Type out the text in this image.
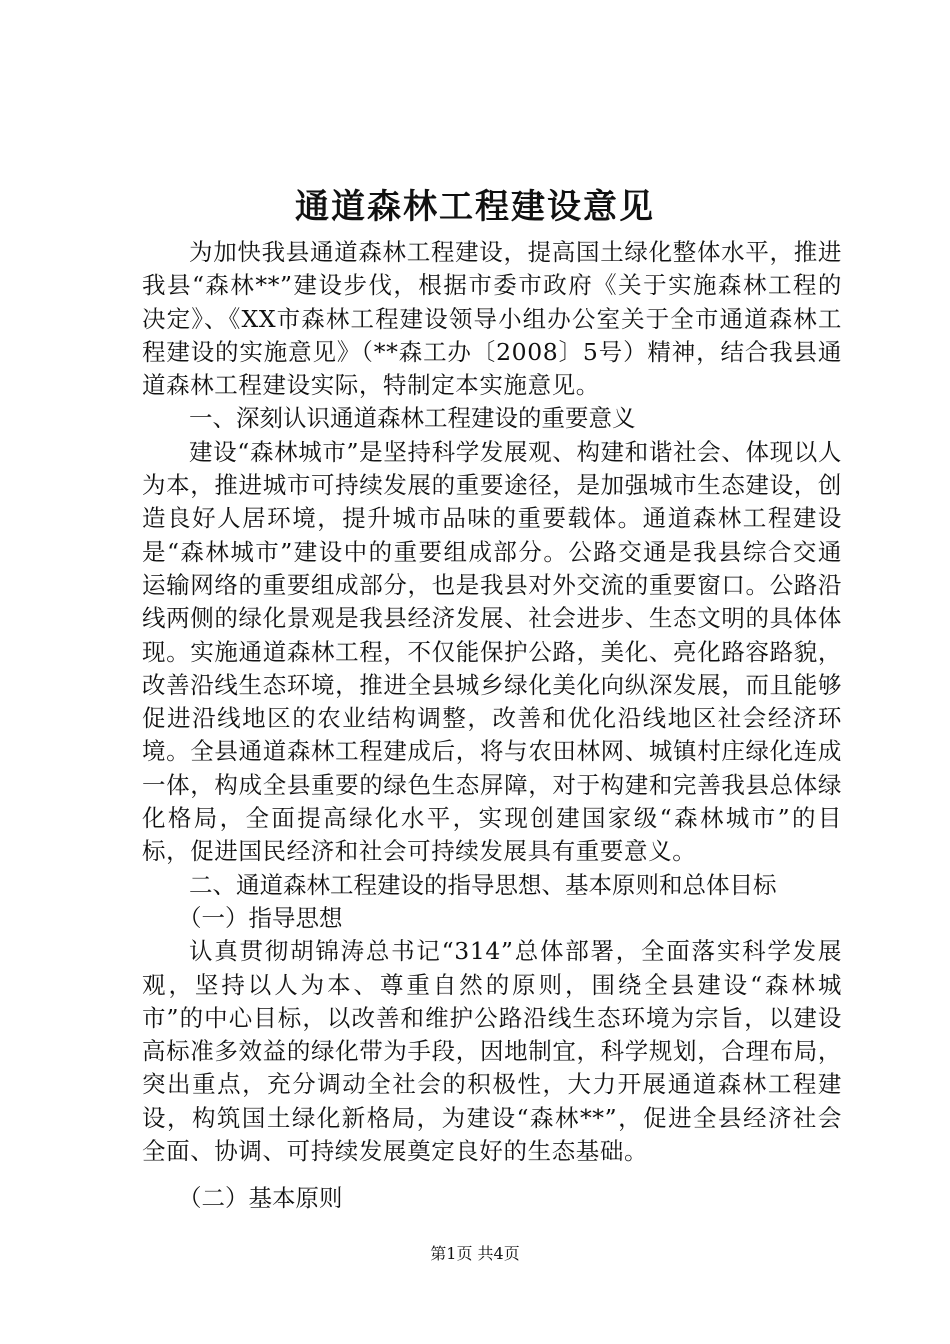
通道森林工程建设意见

为加快我县通道森林工程建设，提高国土绿化整体水平，推进我县“森林**”建设步伐，根据市委市政府《关于实施森林工程的决定》、《XX市森林工程建设领导小组办公室关于全市通道森林工程建设的实施意见》（**森工办〔2008〕5号）精神，结合我县通道森林工程建设实际，特制定本实施意见。

一、深刻认识通道森林工程建设的重要意义

建设“森林城市”是坚持科学发展观、构建和谐社会、体现以人为本，推进城市可持续发展的重要途径，是加强城市生态建设，创造良好人居环境，提升城市品味的重要载体。通道森林工程建设是“森林城市”建设中的重要组成部分。公路交通是我县综合交通运输网络的重要组成部分，也是我县对外交流的重要窗口。公路沿线两侧的绿化景观是我县经济发展、社会进步、生态文明的具体体现。实施通道森林工程，不仅能保护公路，美化、亮化路容路貌，改善沿线生态环境，推进全县城乡绿化美化向纵深发展，而且能够促进沿线地区的农业结构调整，改善和优化沿线地区社会经济环境。全县通道森林工程建成后，将与农田林网、城镇村庄绿化连成一体，构成全县重要的绿色生态屏障，对于构建和完善我县总体绿化格局，全面提高绿化水平，实现创建国家级“森林城市”的目标，促进国民经济和社会可持续发展具有重要意义。

二、通道森林工程建设的指导思想、基本原则和总体目标

（一）指导思想

认真贯彻胡锦涛总书记“314”总体部署，全面落实科学发展观，坚持以人为本、尊重自然的原则，围绕全县建设“森林城市”的中心目标，以改善和维护公路沿线生态环境为宗旨，以建设高标准多效益的绿化带为手段，因地制宜，科学规划，合理布局，突出重点，充分调动全社会的积极性，大力开展通道森林工程建设，构筑国土绿化新格局，为建设“森林**”，促进全县经济社会全面、协调、可持续发展奠定良好的生态基础。

（二）基本原则

第1页 共4页
